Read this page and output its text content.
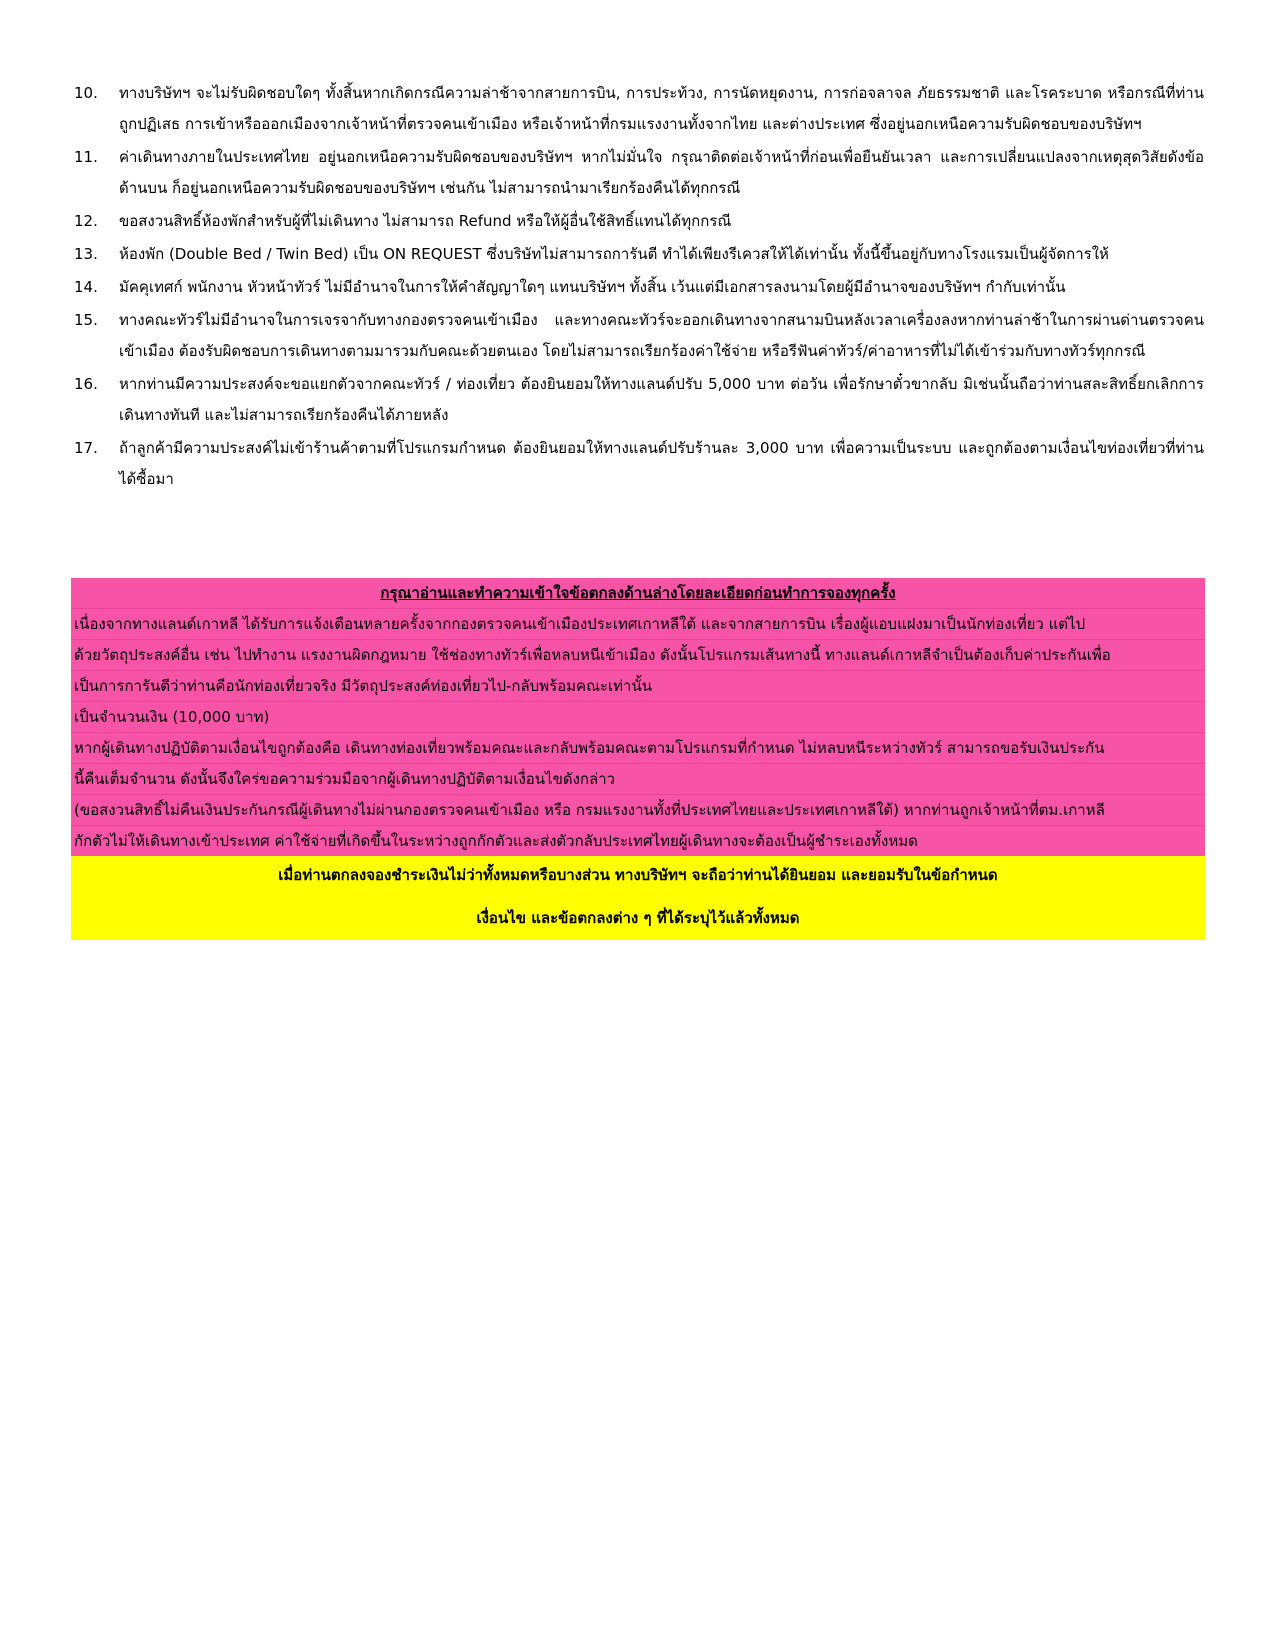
10.	ทางบริษัทฯ จะไม่รับผิดชอบใดๆ ทั้งสิ้นหากเกิดกรณีความล่าช้าจากสายการบิน, การประท้วง, การนัดหยุดงาน, การก่อจลาจล ภัยธรรมชาติ และโรคระบาด หรือกรณีที่ท่านถูกปฏิเสธ การเข้าหรือออกเมืองจากเจ้าหน้าที่ตรวจคนเข้าเมือง หรือเจ้าหน้าที่กรมแรงงานทั้งจากไทย และต่างประเทศ ซึ่งอยู่นอกเหนือความรับผิดชอบของบริษัทฯ
11.	ค่าเดินทางภายในประเทศไทย อยู่นอกเหนือความรับผิดชอบของบริษัทฯ หากไม่มั่นใจ กรุณาติดต่อเจ้าหน้าที่ก่อนเพื่อยืนยันเวลา และการเปลี่ยนแปลงจากเหตุสุดวิสัยดังข้อด้านบน ก็อยู่นอกเหนือความรับผิดชอบของบริษัทฯ เช่นกัน ไม่สามารถนำมาเรียกร้องคืนได้ทุกกรณี
12.	ขอสงวนสิทธิ์ห้องพักสำหรับผู้ที่ไม่เดินทาง ไม่สามารถ Refund หรือให้ผู้อื่นใช้สิทธิ์แทนได้ทุกกรณี
13.	ห้องพัก (Double Bed / Twin Bed) เป็น ON REQUEST ซึ่งบริษัทไม่สามารถการันตี ทำได้เพียงรีเควสให้ได้เท่านั้น ทั้งนี้ขึ้นอยู่กับทางโรงแรมเป็นผู้จัดการให้
14.	มัคคุเทศก์ พนักงาน หัวหน้าทัวร์ ไม่มีอำนาจในการให้คำสัญญาใดๆ แทนบริษัทฯ ทั้งสิ้น เว้นแต่มีเอกสารลงนามโดยผู้มีอำนาจของบริษัทฯ กำกับเท่านั้น
15.	ทางคณะทัวร์ไม่มีอำนาจในการเจรจากับทางกองตรวจคนเข้าเมือง และทางคณะทัวร์จะออกเดินทางจากสนามบินหลังเวลาเครื่องลงหากท่านล่าช้าในการผ่านด่านตรวจคนเข้าเมือง ต้องรับผิดชอบการเดินทางตามมารวมกับคณะด้วยตนเอง โดยไม่สามารถเรียกร้องค่าใช้จ่าย หรือรีฟันค่าทัวร์/ค่าอาหารที่ไม่ได้เข้าร่วมกับทางทัวร์ทุกกรณี
16.	หากท่านมีความประสงค์จะขอแยกตัวจากคณะทัวร์ / ท่องเที่ยว ต้องยินยอมให้ทางแลนด์ปรับ 5,000 บาท ต่อวัน เพื่อรักษาตั๋วขากลับ มิเช่นนั้นถือว่าท่านสละสิทธิ์ยกเลิกการเดินทางทันที และไม่สามารถเรียกร้องคืนได้ภายหลัง
17.	ถ้าลูกค้ามีความประสงค์ไม่เข้าร้านค้าตามที่โปรแกรมกำหนด ต้องยินยอมให้ทางแลนด์ปรับร้านละ 3,000 บาท เพื่อความเป็นระบบ และถูกต้องตามเงื่อนไขท่องเที่ยวที่ท่านได้ซื้อมา
กรุณาอ่านและทำความเข้าใจข้อตกลงด้านล่างโดยละเอียดก่อนทำการจองทุกครั้ง
เนื่องจากทางแลนด์เกาหลี ได้รับการแจ้งเตือนหลายครั้งจากกองตรวจคนเข้าเมืองประเทศเกาหลีใต้ และจากสายการบิน เรื่องผู้แอบแฝงมาเป็นนักท่องเที่ยว แต่ไป
ด้วยวัตถุประสงค์อื่น เช่น ไปทำงาน แรงงานผิดกฎหมาย ใช้ช่องทางทัวร์เพื่อหลบหนีเข้าเมือง ดังนั้นโปรแกรมเส้นทางนี้ ทางแลนด์เกาหลีจำเป็นต้องเก็บค่าประกันเพื่อ
เป็นการการันตีว่าท่านคือนักท่องเที่ยวจริง มีวัตถุประสงค์ท่องเที่ยวไป-กลับพร้อมคณะเท่านั้น
เป็นจำนวนเงิน (10,000 บาท)
หากผู้เดินทางปฏิบัติตามเงื่อนไขถูกต้องคือ เดินทางท่องเที่ยวพร้อมคณะและกลับพร้อมคณะตามโปรแกรมที่กำหนด ไม่หลบหนีระหว่างทัวร์ สามารถขอรับเงินประกัน
นี้คืนเต็มจำนวน ดังนั้นจึงใคร่ขอความร่วมมือจากผู้เดินทางปฏิบัติตามเงื่อนไขดังกล่าว
(ขอสงวนสิทธิ์ไม่คืนเงินประกันกรณีผู้เดินทางไม่ผ่านกองตรวจคนเข้าเมือง หรือ กรมแรงงานทั้งที่ประเทศไทยและประเทศเกาหลีใต้) หากท่านถูกเจ้าหน้าที่ตม.เกาหลี
กักตัวไม่ให้เดินทางเข้าประเทศ ค่าใช้จ่ายที่เกิดขึ้นในระหว่างถูกกักตัวและส่งตัวกลับประเทศไทยผู้เดินทางจะต้องเป็นผู้ชำระเองทั้งหมด
เมื่อท่านตกลงจองชำระเงินไม่ว่าทั้งหมดหรือบางส่วน ทางบริษัทฯ จะถือว่าท่านได้ยินยอม และยอมรับในข้อกำหนด
เงื่อนไข และข้อตกลงต่าง ๆ ที่ได้ระบุไว้แล้วทั้งหมด
